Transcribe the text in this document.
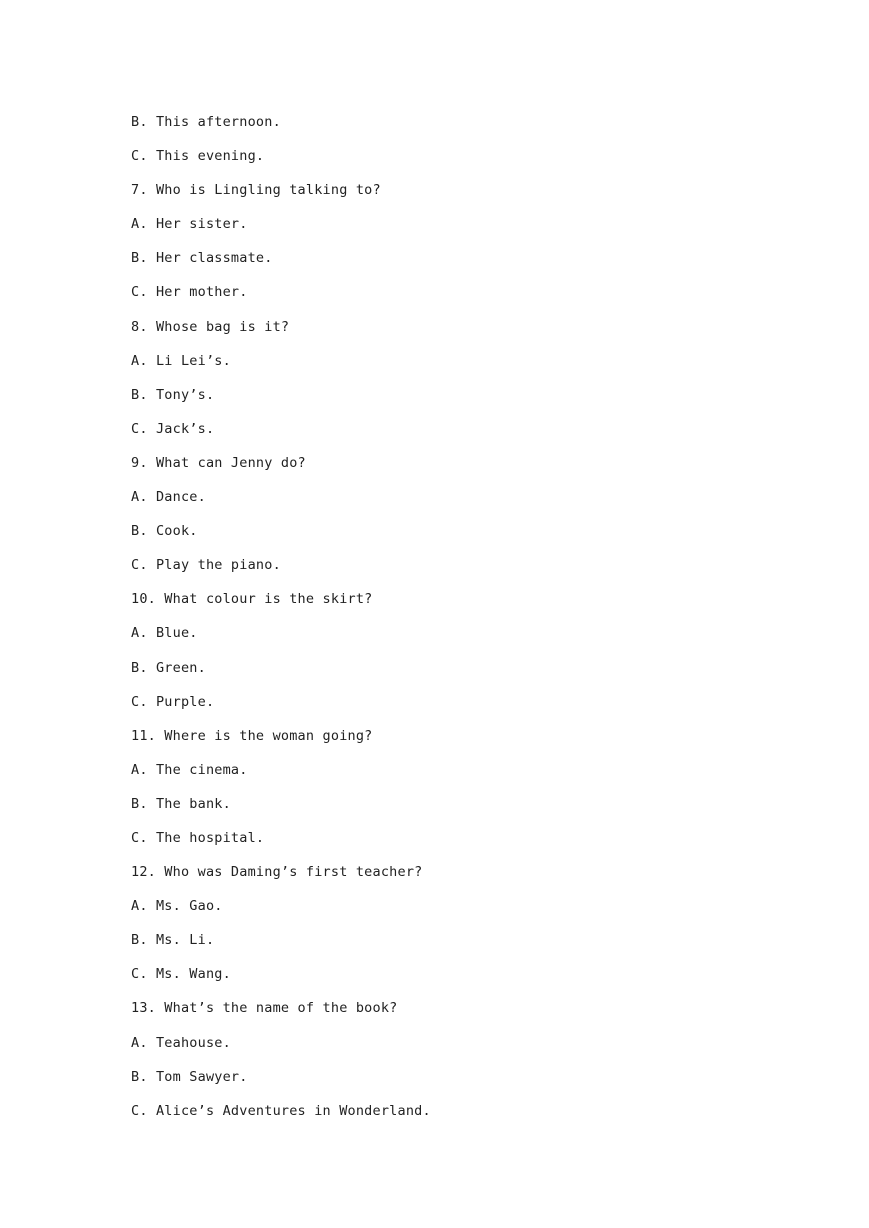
B. This afternoon.
C. This evening.
7. Who is Lingling talking to?
A. Her sister.
B. Her classmate.
C. Her mother.
8. Whose bag is it?
A. Li Lei’s.
B. Tony’s.
C. Jack’s.
9. What can Jenny do?
A. Dance.
B. Cook.
C. Play the piano.
10. What colour is the skirt?
A. Blue.
B. Green.
C. Purple.
11. Where is the woman going?
A. The cinema.
B. The bank.
C. The hospital.
12. Who was Daming’s first teacher?
A. Ms. Gao.
B. Ms. Li.
C. Ms. Wang.
13. What’s the name of the book?
A. Teahouse.
B. Tom Sawyer.
C. Alice’s Adventures in Wonderland.
